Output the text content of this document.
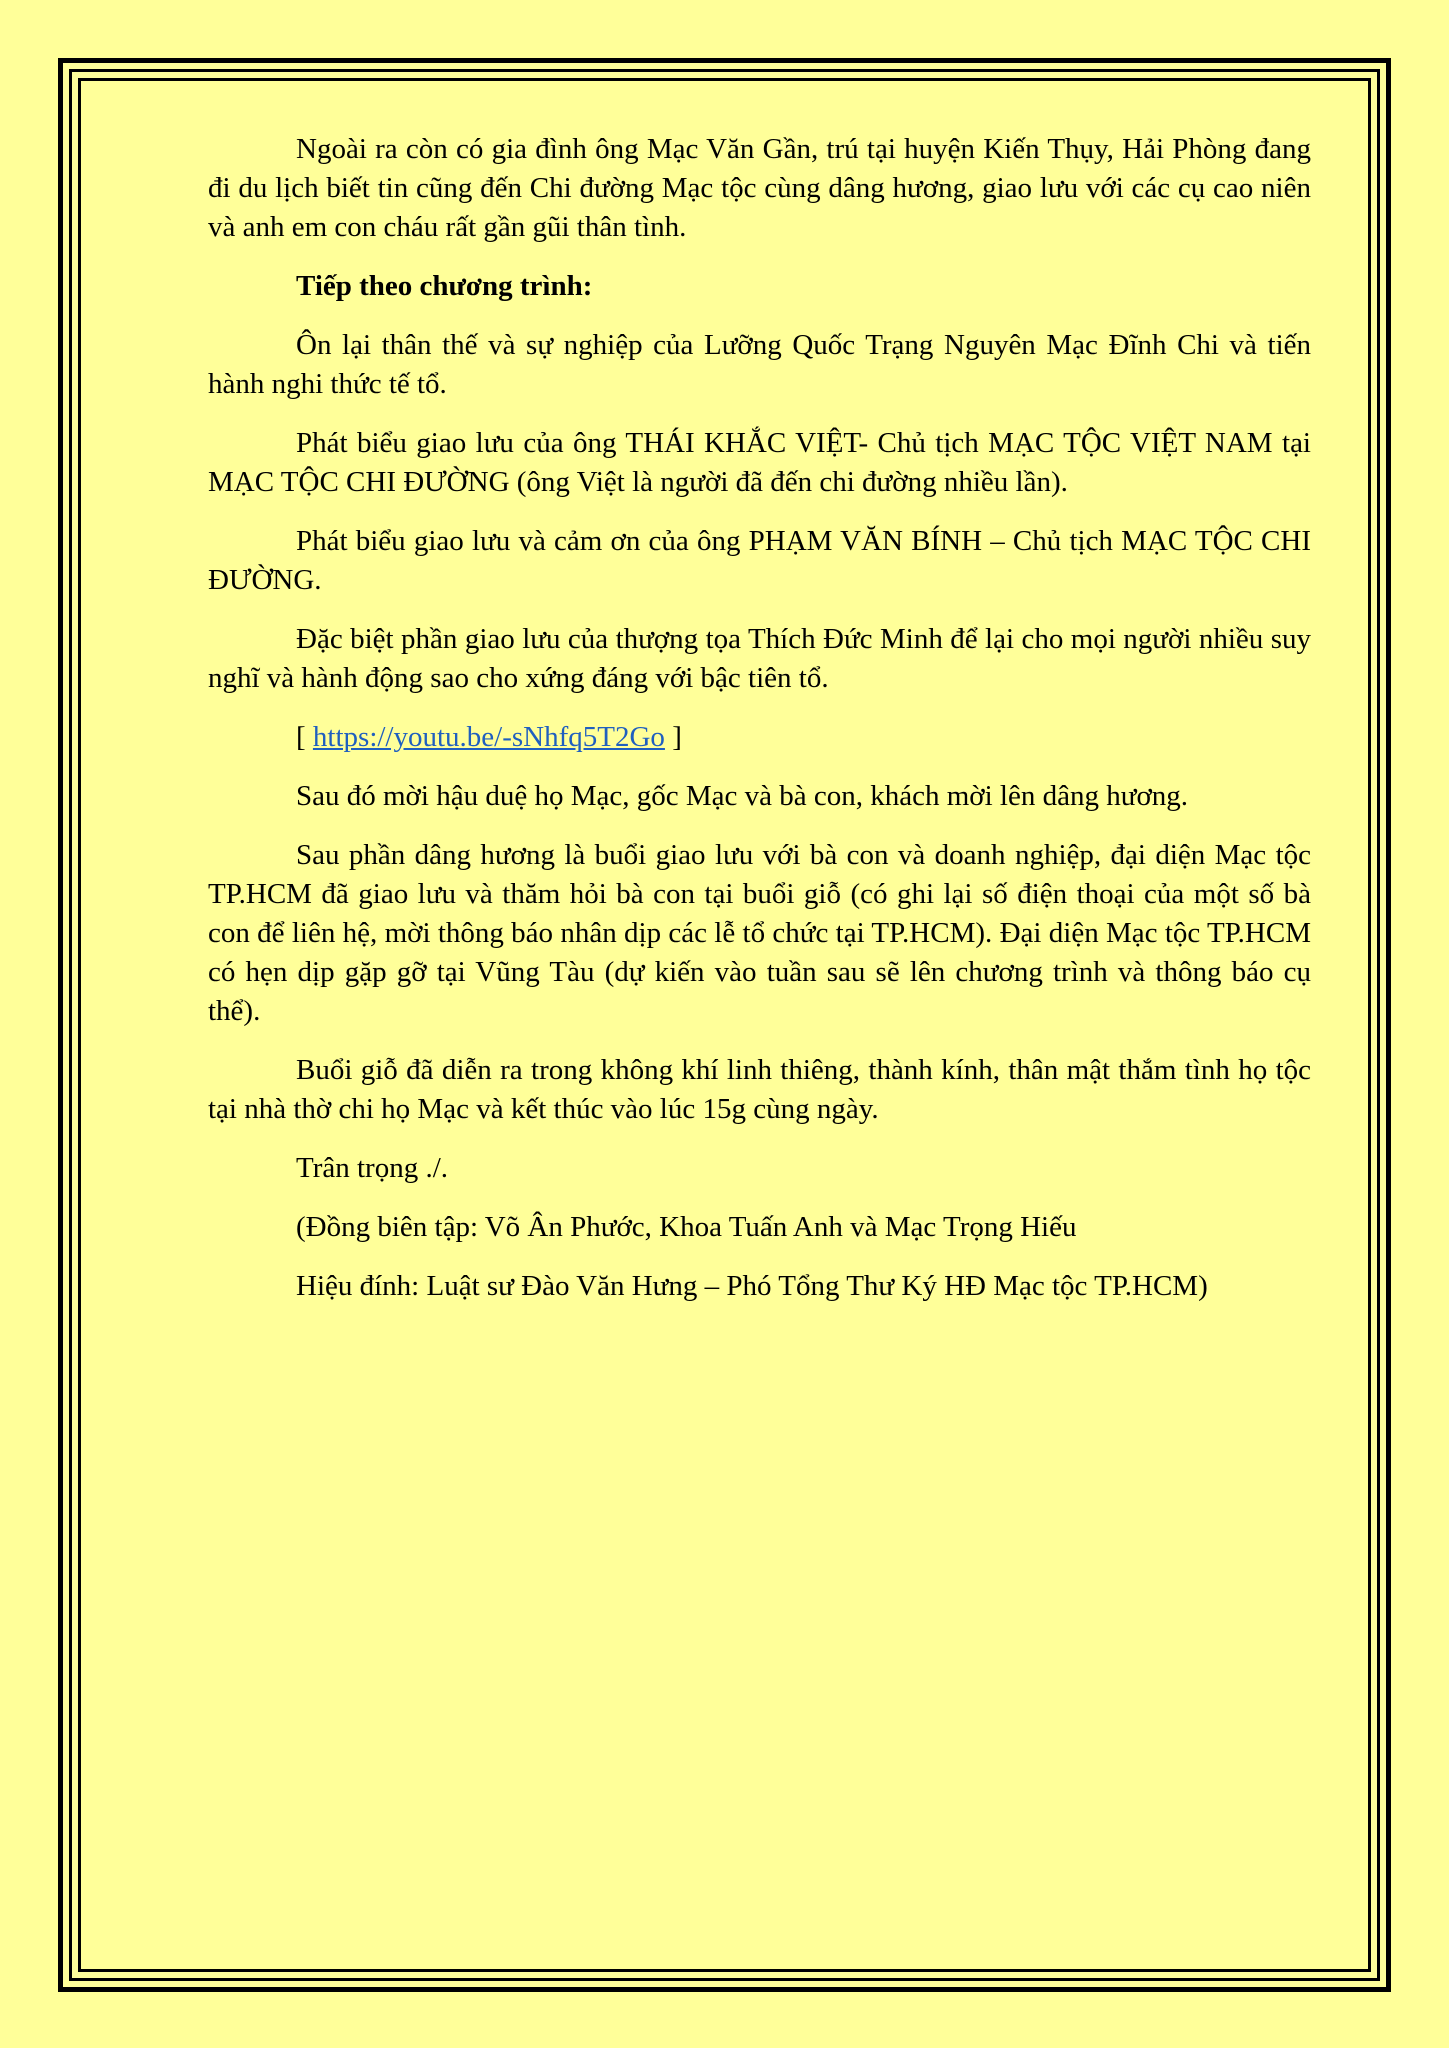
Ngoài ra còn có gia đình ông Mạc Văn Gần, trú tại huyện Kiến Thụy, Hải Phòng đang đi du lịch biết tin cũng đến Chi đường Mạc tộc cùng dâng hương, giao lưu với các cụ cao niên và anh em con cháu rất gần gũi thân tình.

Tiếp theo chương trình:

Ôn lại thân thế và sự nghiệp của Lưỡng Quốc Trạng Nguyên Mạc Đĩnh Chi và tiến hành nghi thức tế tổ.

Phát biểu giao lưu của ông THÁI KHẮC VIỆT- Chủ tịch MẠC TỘC VIỆT NAM tại MẠC TỘC CHI ĐƯỜNG (ông Việt là người đã đến chi đường nhiều lần).

Phát biểu giao lưu và cảm ơn của ông PHẠM VĂN BÍNH – Chủ tịch MẠC TỘC CHI ĐƯỜNG.

Đặc biệt phần giao lưu của thượng tọa Thích Đức Minh để lại cho mọi người nhiều suy nghĩ và hành động sao cho xứng đáng với bậc tiên tổ.

[ https://youtu.be/-sNhfq5T2Go ]

Sau đó mời hậu duệ họ Mạc, gốc Mạc và bà con, khách mời lên dâng hương.

Sau phần dâng hương là buổi giao lưu với bà con và doanh nghiệp, đại diện Mạc tộc TP.HCM đã giao lưu và thăm hỏi bà con tại buổi giỗ (có ghi lại số điện thoại của một số bà con để liên hệ, mời thông báo nhân dịp các lễ tổ chức tại TP.HCM). Đại diện Mạc tộc TP.HCM có hẹn dịp gặp gỡ tại Vũng Tàu (dự kiến vào tuần sau sẽ lên chương trình và thông báo cụ thể).

Buổi giỗ đã diễn ra trong không khí linh thiêng, thành kính, thân mật thắm tình họ tộc tại nhà thờ chi họ Mạc và kết thúc vào lúc 15g cùng ngày.

Trân trọng ./.

(Đồng biên tập: Võ Ân Phước, Khoa Tuấn Anh và Mạc Trọng Hiếu

Hiệu đính: Luật sư Đào Văn Hưng – Phó Tổng Thư Ký HĐ Mạc tộc TP.HCM)
